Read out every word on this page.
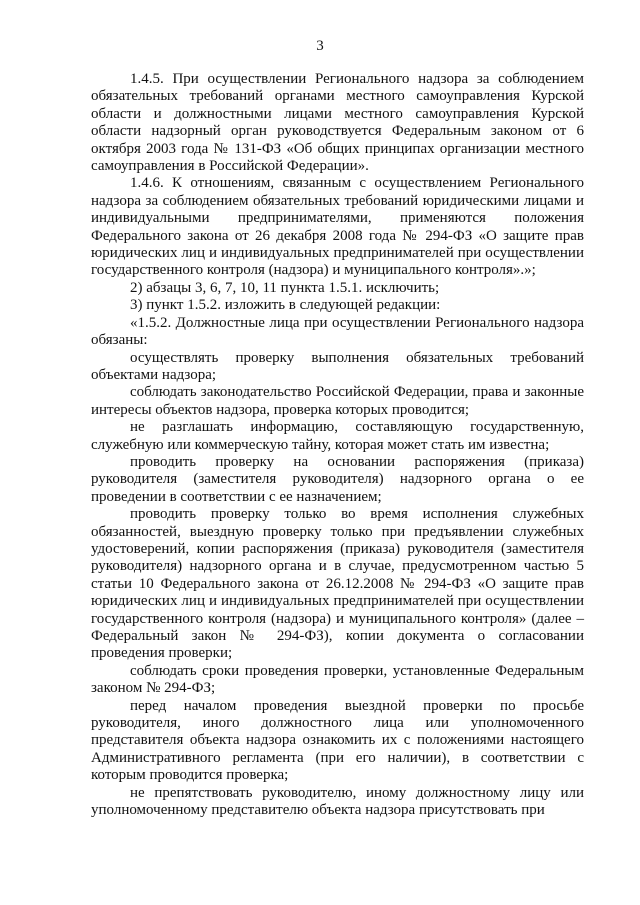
3

1.4.5. При осуществлении Регионального надзора за соблюдением обязательных требований органами местного самоуправления Курской области и должностными лицами местного самоуправления Курской области надзорный орган руководствуется Федеральным законом от 6 октября 2003 года № 131-ФЗ «Об общих принципах организации местного самоуправления в Российской Федерации».

1.4.6. К отношениям, связанным с осуществлением Регионального надзора за соблюдением обязательных требований юридическими лицами и индивидуальными предпринимателями, применяются положения Федерального закона от 26 декабря 2008 года № 294-ФЗ «О защите прав юридических лиц и индивидуальных предпринимателей при осуществлении государственного контроля (надзора) и муниципального контроля».»;

2) абзацы 3, 6, 7, 10, 11 пункта 1.5.1. исключить;

3) пункт 1.5.2. изложить в следующей редакции:

«1.5.2. Должностные лица при осуществлении Регионального надзора обязаны:

осуществлять проверку выполнения обязательных требований объектами надзора;

соблюдать законодательство Российской Федерации, права и законные интересы объектов надзора, проверка которых проводится;

не разглашать информацию, составляющую государственную, служебную или коммерческую тайну, которая может стать им известна;

проводить проверку на основании распоряжения (приказа) руководителя (заместителя руководителя) надзорного органа о ее проведении в соответствии с ее назначением;

проводить проверку только во время исполнения служебных обязанностей, выездную проверку только при предъявлении служебных удостоверений, копии распоряжения (приказа) руководителя (заместителя руководителя) надзорного органа и в случае, предусмотренном частью 5 статьи 10 Федерального закона от 26.12.2008 № 294-ФЗ «О защите прав юридических лиц и индивидуальных предпринимателей при осуществлении государственного контроля (надзора) и муниципального контроля» (далее – Федеральный закон № 294-ФЗ), копии документа о согласовании проведения проверки;

соблюдать сроки проведения проверки, установленные Федеральным законом № 294-ФЗ;

перед началом проведения выездной проверки по просьбе руководителя, иного должностного лица или уполномоченного представителя объекта надзора ознакомить их с положениями настоящего Административного регламента (при его наличии), в соответствии с которым проводится проверка;

не препятствовать руководителю, иному должностному лицу или уполномоченному представителю объекта надзора присутствовать при
